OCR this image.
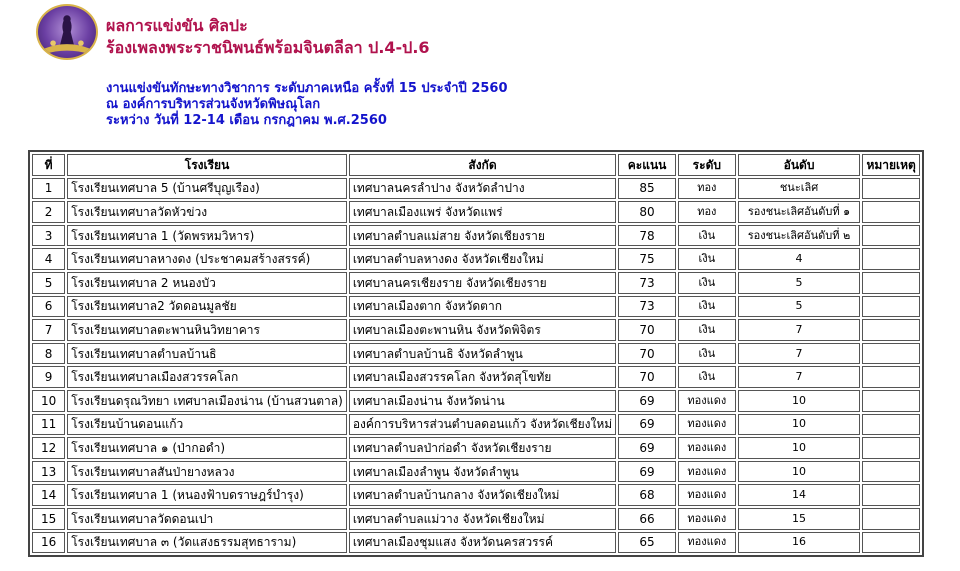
ผลการแข่งขัน ศิลปะ
ร้องเพลงพระราชนิพนธ์พร้อมจินตลีลา ป.4-ป.6
งานแข่งขันทักษะทางวิชาการ ระดับภาคเหนือ ครั้งที่ 15 ประจำปี 2560
ณ องค์การบริหารส่วนจังหวัดพิษณุโลก
ระหว่าง วันที่ 12-14 เดือน กรกฎาคม พ.ศ.2560
ที่	โรงเรียน	สังกัด	คะแนน	ระดับ	อันดับ	หมายเหตุ
1	โรงเรียนเทศบาล 5 (บ้านศรีบุญเรือง)	เทศบาลนครลำปาง จังหวัดลำปาง	85	ทอง	ชนะเลิศ	
2	โรงเรียนเทศบาลวัดหัวข่วง	เทศบาลเมืองแพร่ จังหวัดแพร่	80	ทอง	รองชนะเลิศอันดับที่ ๑	
3	โรงเรียนเทศบาล 1 (วัดพรหมวิหาร)	เทศบาลตำบลแม่สาย จังหวัดเชียงราย	78	เงิน	รองชนะเลิศอันดับที่ ๒	
4	โรงเรียนเทศบาลหางดง (ประชาคมสร้างสรรค์)	เทศบาลตำบลหางดง จังหวัดเชียงใหม่	75	เงิน	4	
5	โรงเรียนเทศบาล 2 หนองบัว	เทศบาลนครเชียงราย จังหวัดเชียงราย	73	เงิน	5	
6	โรงเรียนเทศบาล2 วัดดอนมูลชัย	เทศบาลเมืองตาก จังหวัดตาก	73	เงิน	5	
7	โรงเรียนเทศบาลตะพานหินวิทยาคาร	เทศบาลเมืองตะพานหิน จังหวัดพิจิตร	70	เงิน	7	
8	โรงเรียนเทศบาลตำบลบ้านธิ	เทศบาลตำบลบ้านธิ จังหวัดลำพูน	70	เงิน	7	
9	โรงเรียนเทศบาลเมืองสวรรคโลก	เทศบาลเมืองสวรรคโลก จังหวัดสุโขทัย	70	เงิน	7	
10	โรงเรียนดรุณวิทยา เทศบาลเมืองน่าน (บ้านสวนตาล)	เทศบาลเมืองน่าน จังหวัดน่าน	69	ทองแดง	10	
11	โรงเรียนบ้านดอนแก้ว	องค์การบริหารส่วนตำบลดอนแก้ว จังหวัดเชียงใหม่	69	ทองแดง	10	
12	โรงเรียนเทศบาล ๑ (ป่ากอดำ)	เทศบาลตำบลป่าก่อดำ จังหวัดเชียงราย	69	ทองแดง	10	
13	โรงเรียนเทศบาลสันป่ายางหลวง	เทศบาลเมืองลำพูน จังหวัดลำพูน	69	ทองแดง	10	
14	โรงเรียนเทศบาล 1 (หนองฟ้าบดราษฎร์บำรุง)	เทศบาลตำบลบ้านกลาง จังหวัดเชียงใหม่	68	ทองแดง	14	
15	โรงเรียนเทศบาลวัดดอนเปา	เทศบาลตำบลแม่วาง จังหวัดเชียงใหม่	66	ทองแดง	15	
16	โรงเรียนเทศบาล ๓ (วัดแสงธรรมสุทธาราม)	เทศบาลเมืองชุมแสง จังหวัดนครสวรรค์	65	ทองแดง	16	
